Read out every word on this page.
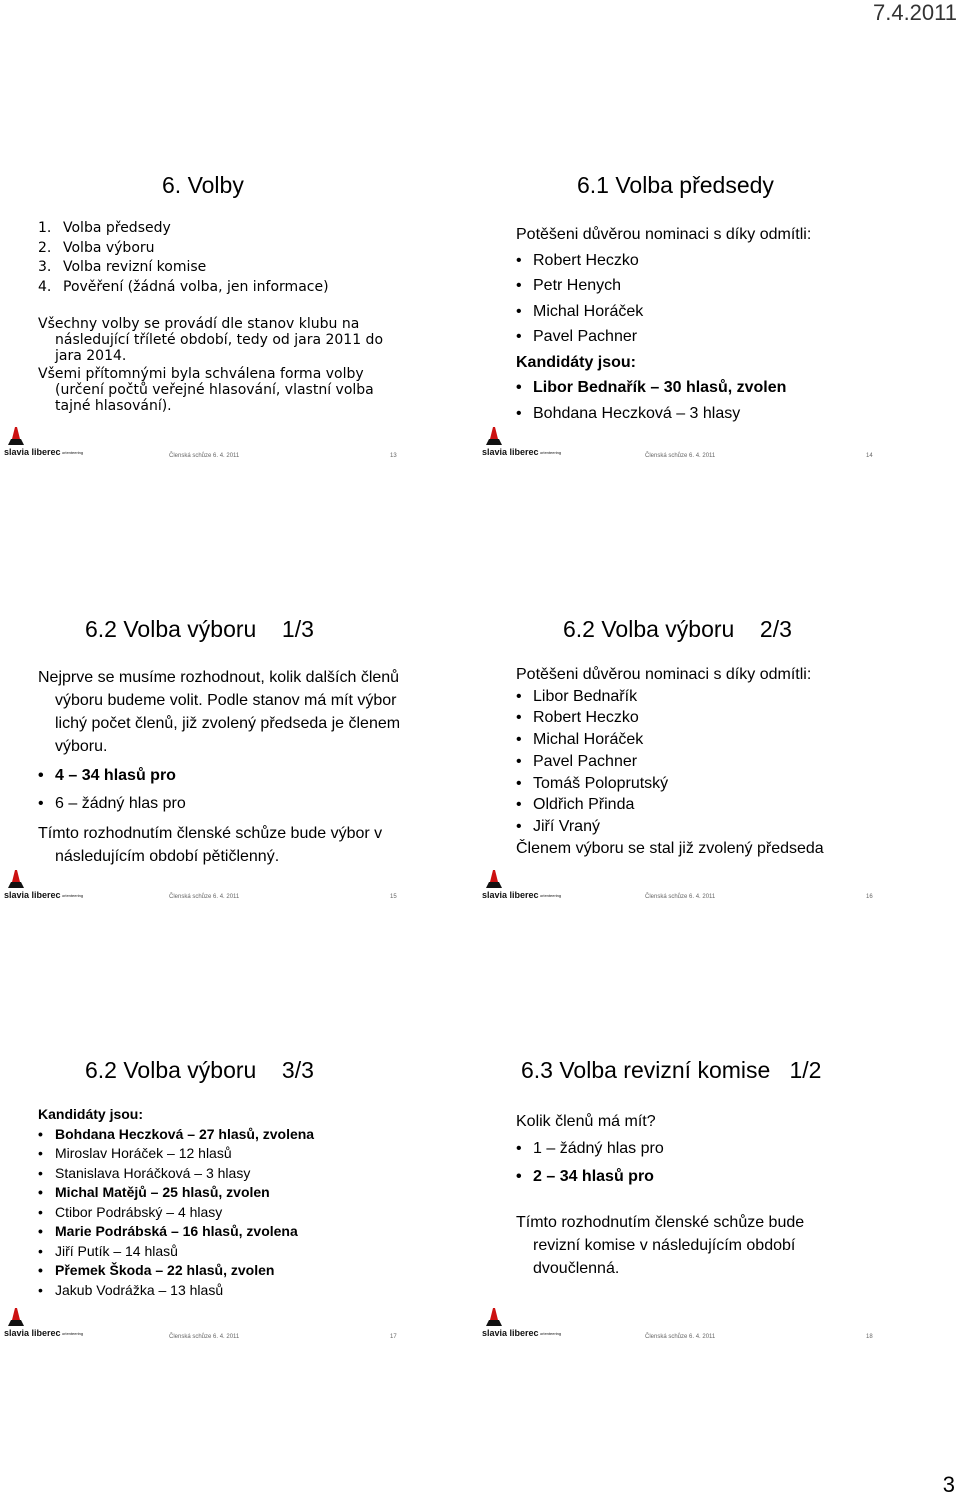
7.4.2011
6. Volby
1. Volba předsedy
2. Volba výboru
3. Volba revizní komise
4. Pověření (žádná volba, jen informace)
Všechny volby se provádí dle stanov klubu na následující tříleté období, tedy od jara 2011 do jara 2014.
Všemi přítomnými byla schválena forma volby (určení počtů veřejné hlasování, vlastní volba tajné hlasování).
slavia liberec orienteering
Členská schůze 6. 4. 2011	13
6.1 Volba předsedy
Potěšeni důvěrou nominaci s díky odmítli:
• Robert Heczko
• Petr Henych
• Michal Horáček
• Pavel Pachner
Kandidáty jsou:
• Libor Bednařík – 30 hlasů, zvolen
• Bohdana Heczková – 3 hlasy
slavia liberec orienteering
Členská schůze 6. 4. 2011	14
6.2 Volba výboru    1/3
Nejprve se musíme rozhodnout, kolik dalších členů výboru budeme volit. Podle stanov má mít výbor lichý počet členů, již zvolený předseda je členem výboru.
• 4 – 34 hlasů pro
• 6 – žádný hlas pro
Tímto rozhodnutím členské schůze bude výbor v následujícím období pětičlenný.
slavia liberec orienteering	Členská schůze 6. 4. 2011	15
6.2 Volba výboru    2/3
Potěšeni důvěrou nominaci s díky odmítli:
• Libor Bednařík
• Robert Heczko
• Michal Horáček
• Pavel Pachner
• Tomáš Poloprutský
• Oldřich Přinda
• Jiří Vraný
Členem výboru se stal již zvolený předseda
slavia liberec orienteering	Členská schůze 6. 4. 2011	16
6.2 Volba výboru    3/3
Kandidáty jsou:
• Bohdana Heczková – 27 hlasů, zvolena
• Miroslav Horáček – 12 hlasů
• Stanislava Horáčková – 3 hlasy
• Michal Matějů – 25 hlasů, zvolen
• Ctibor Podrábský – 4 hlasy
• Marie Podrábská – 16 hlasů, zvolena
• Jiří Putík – 14 hlasů
• Přemek Škoda – 22 hlasů, zvolen
• Jakub Vodrážka – 13 hlasů
slavia liberec orienteering
Členská schůze 6. 4. 2011	17
6.3 Volba revizní komise   1/2
Kolik členů má mít?
• 1 – žádný hlas pro
• 2 – 34 hlasů pro
Tímto rozhodnutím členské schůze bude revizní komise v následujícím období dvoučlenná.
slavia liberec orienteering
Členská schůze 6. 4. 2011	18
3
